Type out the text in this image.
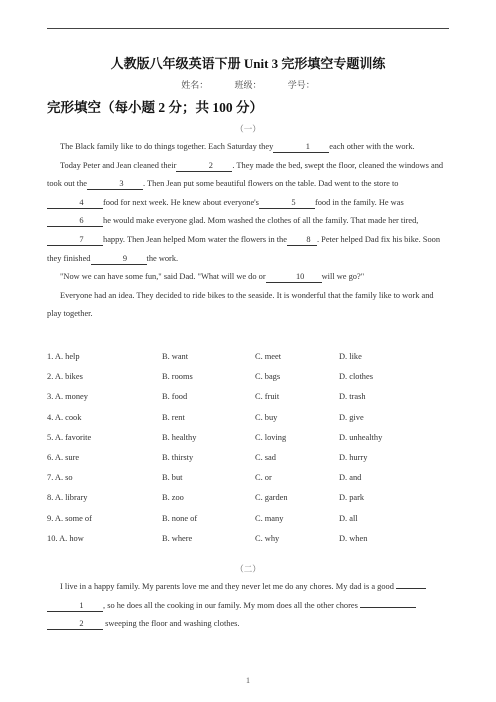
人教版八年级英语下册 Unit 3 完形填空专题训练
姓名：	班级：	学号：
完形填空（每小题 2 分；共 100 分）
（一）

The Black family like to do things together. Each Saturday they	1 each other with the work.

Today Peter and Jean cleaned their	2 . They made the bed, swept the floor, cleaned the windows and took out the	3 . Then Jean put some beautiful flowers on the table. Dad went to the store to4 food for next week. He knew about everyone's	5 food in the family. He was6 he would make everyone glad. Mom washed the clothes of all the family. That made her tired,7 happy. Then Jean helped Mom water the flowers in the 8 . Peter helped Dad fix his bike. Soon they finished	9 the work.

"Now we can have some fun," said Dad. "What will we do or	10 will we go?"

Everyone had an idea. They decided to ride bikes to the seaside. It is wonderful that the family like to work and play together.

1. A. help	B. want	C. meet	D. like
2. A. bikes	B. rooms	C. bags	D. clothes
3. A. money	B. food	C. fruit	D. trash
4. A. cook	B. rent	C. buy	D. give
5. A. favorite	B. healthy	C. loving	D. unhealthy
6. A. sure	B. thirsty	C. sad	D. hurry
7. A. so	B. but	C. or	D. and
8. A. library	B. zoo	C. garden	D. park
9. A. some of	B. none of	C. many	D. all
10. A. how	B. where	C. why	D. when
（二）

I live in a happy family. My parents love me and they never let me do any chores. My dad is a good 1 , so he does all the cooking in our family. My mom does all the other chores 2	sweeping the floor and washing clothes.

1
